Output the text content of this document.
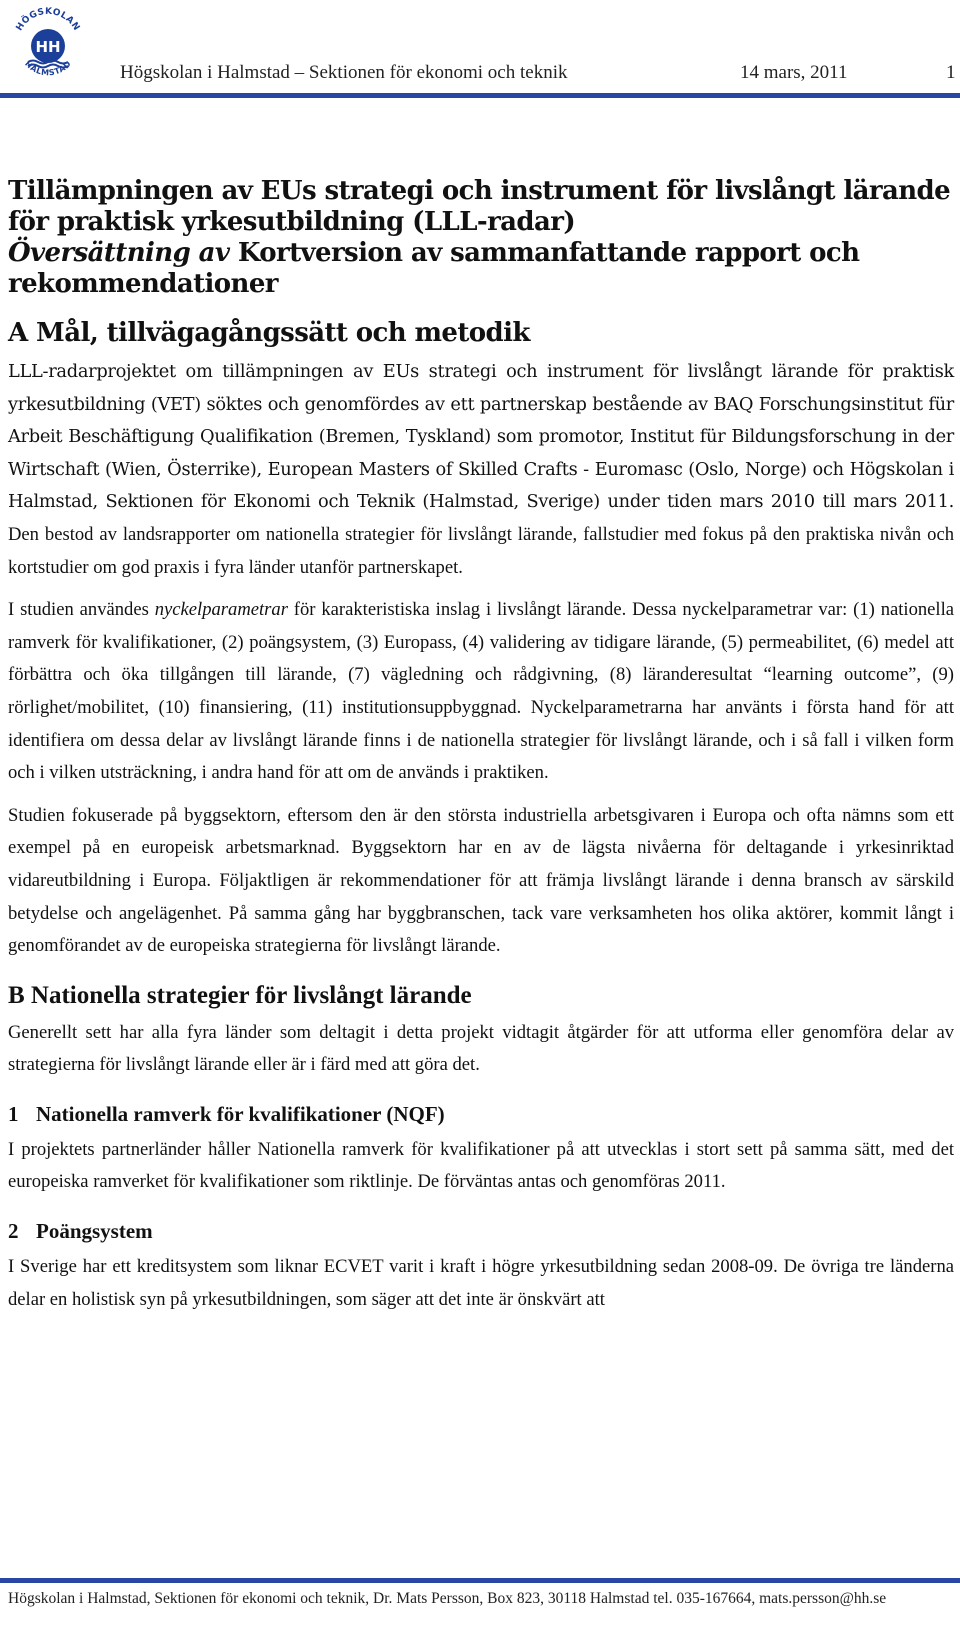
HÖGSKOLAN
HH
HALMSTAD Högskolan i Halmstad – Sektionen för ekonomi och teknik	14 mars, 2011	1
Tillämpningen av EUs strategi och instrument för livslångt lärande för praktisk yrkesutbildning (LLL-radar)
Översättning av Kortversion av sammanfattande rapport och rekommendationer
A Mål, tillvägagångssätt och metodik

LLL-radarprojektet om tillämpningen av EUs strategi och instrument för livslångt lärande för praktisk yrkesutbildning (VET) söktes och genomfördes av ett partnerskap bestående av BAQ Forschungsinstitut für Arbeit Beschäftigung Qualifikation (Bremen, Tyskland) som promotor, Institut für Bildungsforschung in der Wirtschaft (Wien, Österrike), European Masters of Skilled Crafts - Euromasc (Oslo, Norge) och Högskolan i Halmstad, Sektionen för Ekonomi och Teknik (Halmstad, Sverige) under tiden mars 2010 till mars 2011. Den bestod av landsrapporter om nationella strategier för livslångt lärande, fallstudier med fokus på den praktiska nivån och kortstudier om god praxis i fyra länder utanför partnerskapet.

I studien användes nyckelparametrar för karakteristiska inslag i livslångt lärande. Dessa nyckelparametrar var: (1) nationella ramverk för kvalifikationer, (2) poängsystem, (3) Europass, (4) validering av tidigare lärande, (5) permeabilitet, (6) medel att förbättra och öka tillgången till lärande, (7) vägledning och rådgivning, (8) läranderesultat “learning outcome”, (9) rörlighet/mobilitet, (10) finansiering, (11) institutionsuppbyggnad. Nyckelparametrarna har använts i första hand för att identifiera om dessa delar av livslångt lärande finns i de nationella strategier för livslångt lärande, och i så fall i vilken form och i vilken utsträckning, i andra hand för att om de används i praktiken.

Studien fokuserade på byggsektorn, eftersom den är den största industriella arbetsgivaren i Europa och ofta nämns som ett exempel på en europeisk arbetsmarknad. Byggsektorn har en av de lägsta nivåerna för deltagande i yrkesinriktad vidareutbildning i Europa. Följaktligen är rekommendationer för att främja livslångt lärande i denna bransch av särskild betydelse och angelägenhet. På samma gång har byggbranschen, tack vare verksamheten hos olika aktörer, kommit långt i genomförandet av de europeiska strategierna för livslångt lärande.

B Nationella strategier för livslångt lärande

Generellt sett har alla fyra länder som deltagit i detta projekt vidtagit åtgärder för att utforma eller genomföra delar av strategierna för livslångt lärande eller är i färd med att göra det.

1 Nationella ramverk för kvalifikationer (NQF)

I projektets partnerländer håller Nationella ramverk för kvalifikationer på att utvecklas i stort sett på samma sätt, med det europeiska ramverket för kvalifikationer som riktlinje. De förväntas antas och genomföras 2011.

2 Poängsystem

I Sverige har ett kreditsystem som liknar ECVET varit i kraft i högre yrkesutbildning sedan 2008-09. De övriga tre länderna delar en holistisk syn på yrkesutbildningen, som säger att det inte är önskvärt att

Högskolan i Halmstad, Sektionen för ekonomi och teknik, Dr. Mats Persson, Box 823, 30118 Halmstad tel. 035-167664, mats.persson@hh.se
